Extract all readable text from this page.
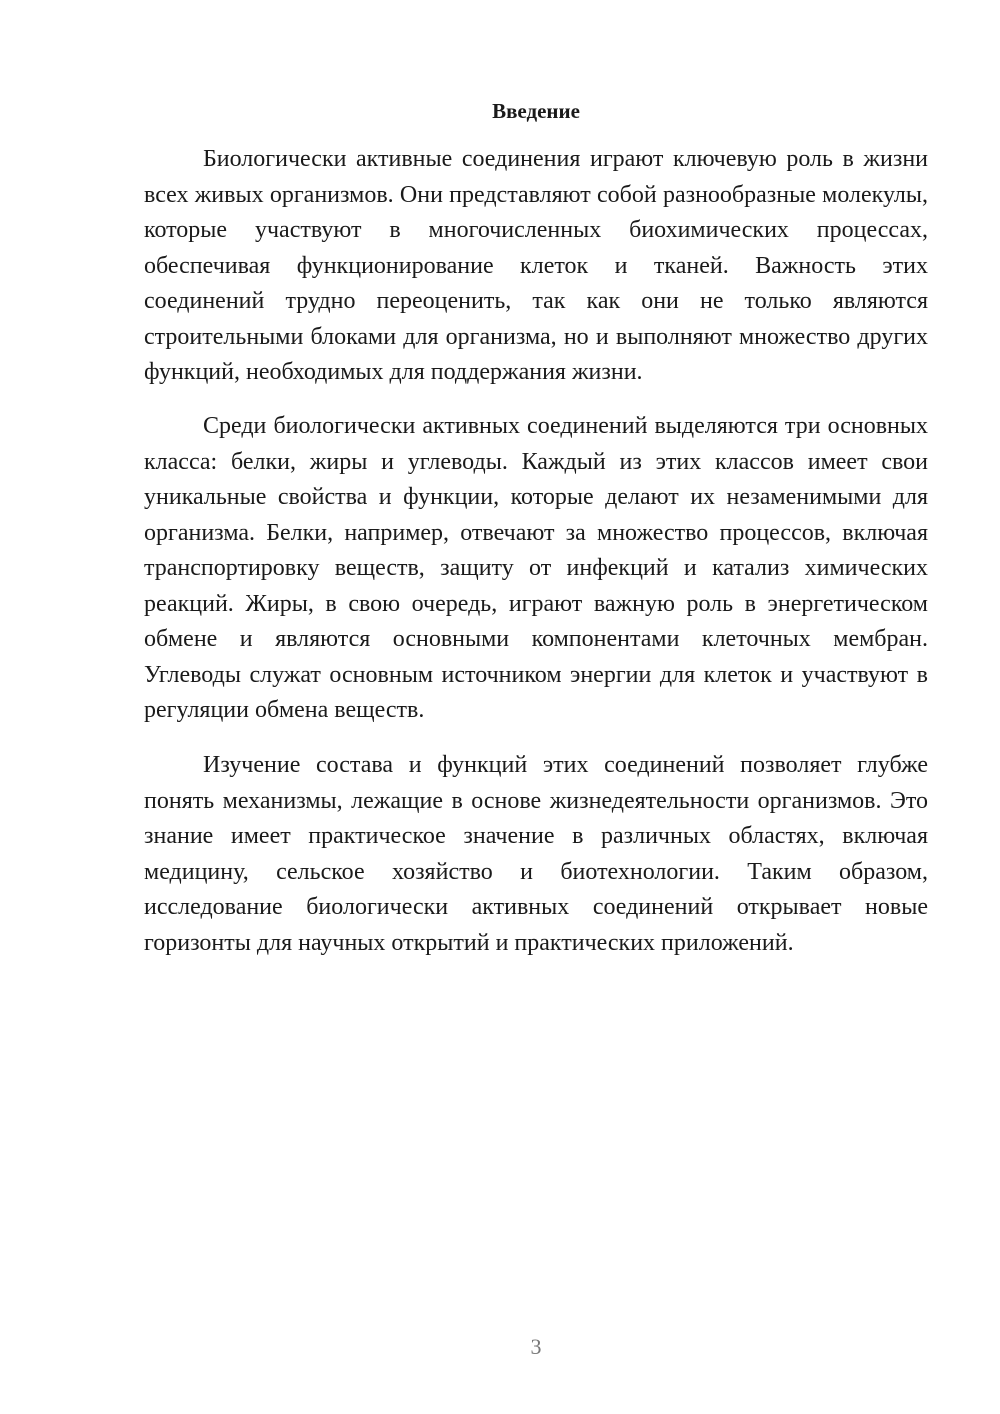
Введение

Биологически активные соединения играют ключевую роль в жизни всех живых организмов. Они представляют собой разнообразные молекулы, которые участвуют в многочисленных биохимических процессах, обеспечивая функционирование клеток и тканей. Важность этих соединений трудно переоценить, так как они не только являются строительными блоками для организма, но и выполняют множество других функций, необходимых для поддержания жизни.

Среди биологически активных соединений выделяются три основных класса: белки, жиры и углеводы. Каждый из этих классов имеет свои уникальные свойства и функции, которые делают их незаменимыми для организма. Белки, например, отвечают за множество процессов, включая транспортировку веществ, защиту от инфекций и катализ химических реакций. Жиры, в свою очередь, играют важную роль в энергетическом обмене и являются основными компонентами клеточных мембран. Углеводы служат основным источником энергии для клеток и участвуют в регуляции обмена веществ.

Изучение состава и функций этих соединений позволяет глубже понять механизмы, лежащие в основе жизнедеятельности организмов. Это знание имеет практическое значение в различных областях, включая медицину, сельское хозяйство и биотехнологии. Таким образом, исследование биологически активных соединений открывает новые горизонты для научных открытий и практических приложений.

3
